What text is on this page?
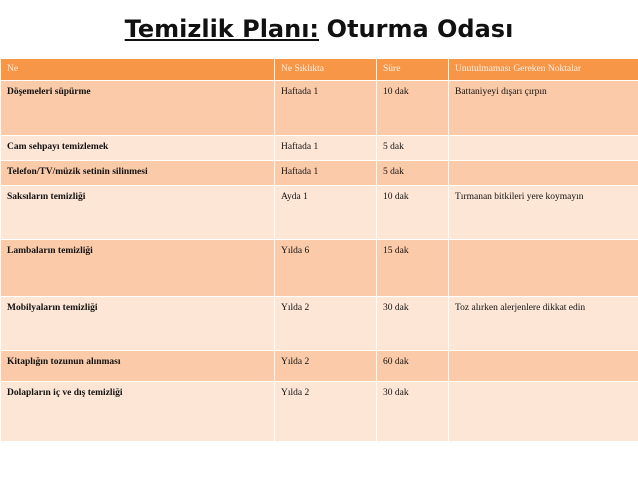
Temizlik Planı: Oturma Odası
Ne	Ne Sıklıkta	Süre	Unutulmaması Gereken Noktalar
Döşemeleri süpürme	Haftada 1	10 dak	Battaniyeyi dışarı çırpın
Cam sehpayı temizlemek	Haftada 1	5 dak	
Telefon/TV/müzik setinin silinmesi	Haftada 1	5 dak	
Saksıların temizliği	Ayda 1	10 dak	Tırmanan bitkileri yere koymayın
Lambaların temizliği	Yılda 6	15 dak	
Mobilyaların temizliği	Yılda 2	30 dak	Toz alırken alerjenlere dikkat edin
Kitaplığın tozunun alınması	Yılda 2	60 dak	
Dolapların iç ve dış temizliği	Yılda 2	30 dak	
